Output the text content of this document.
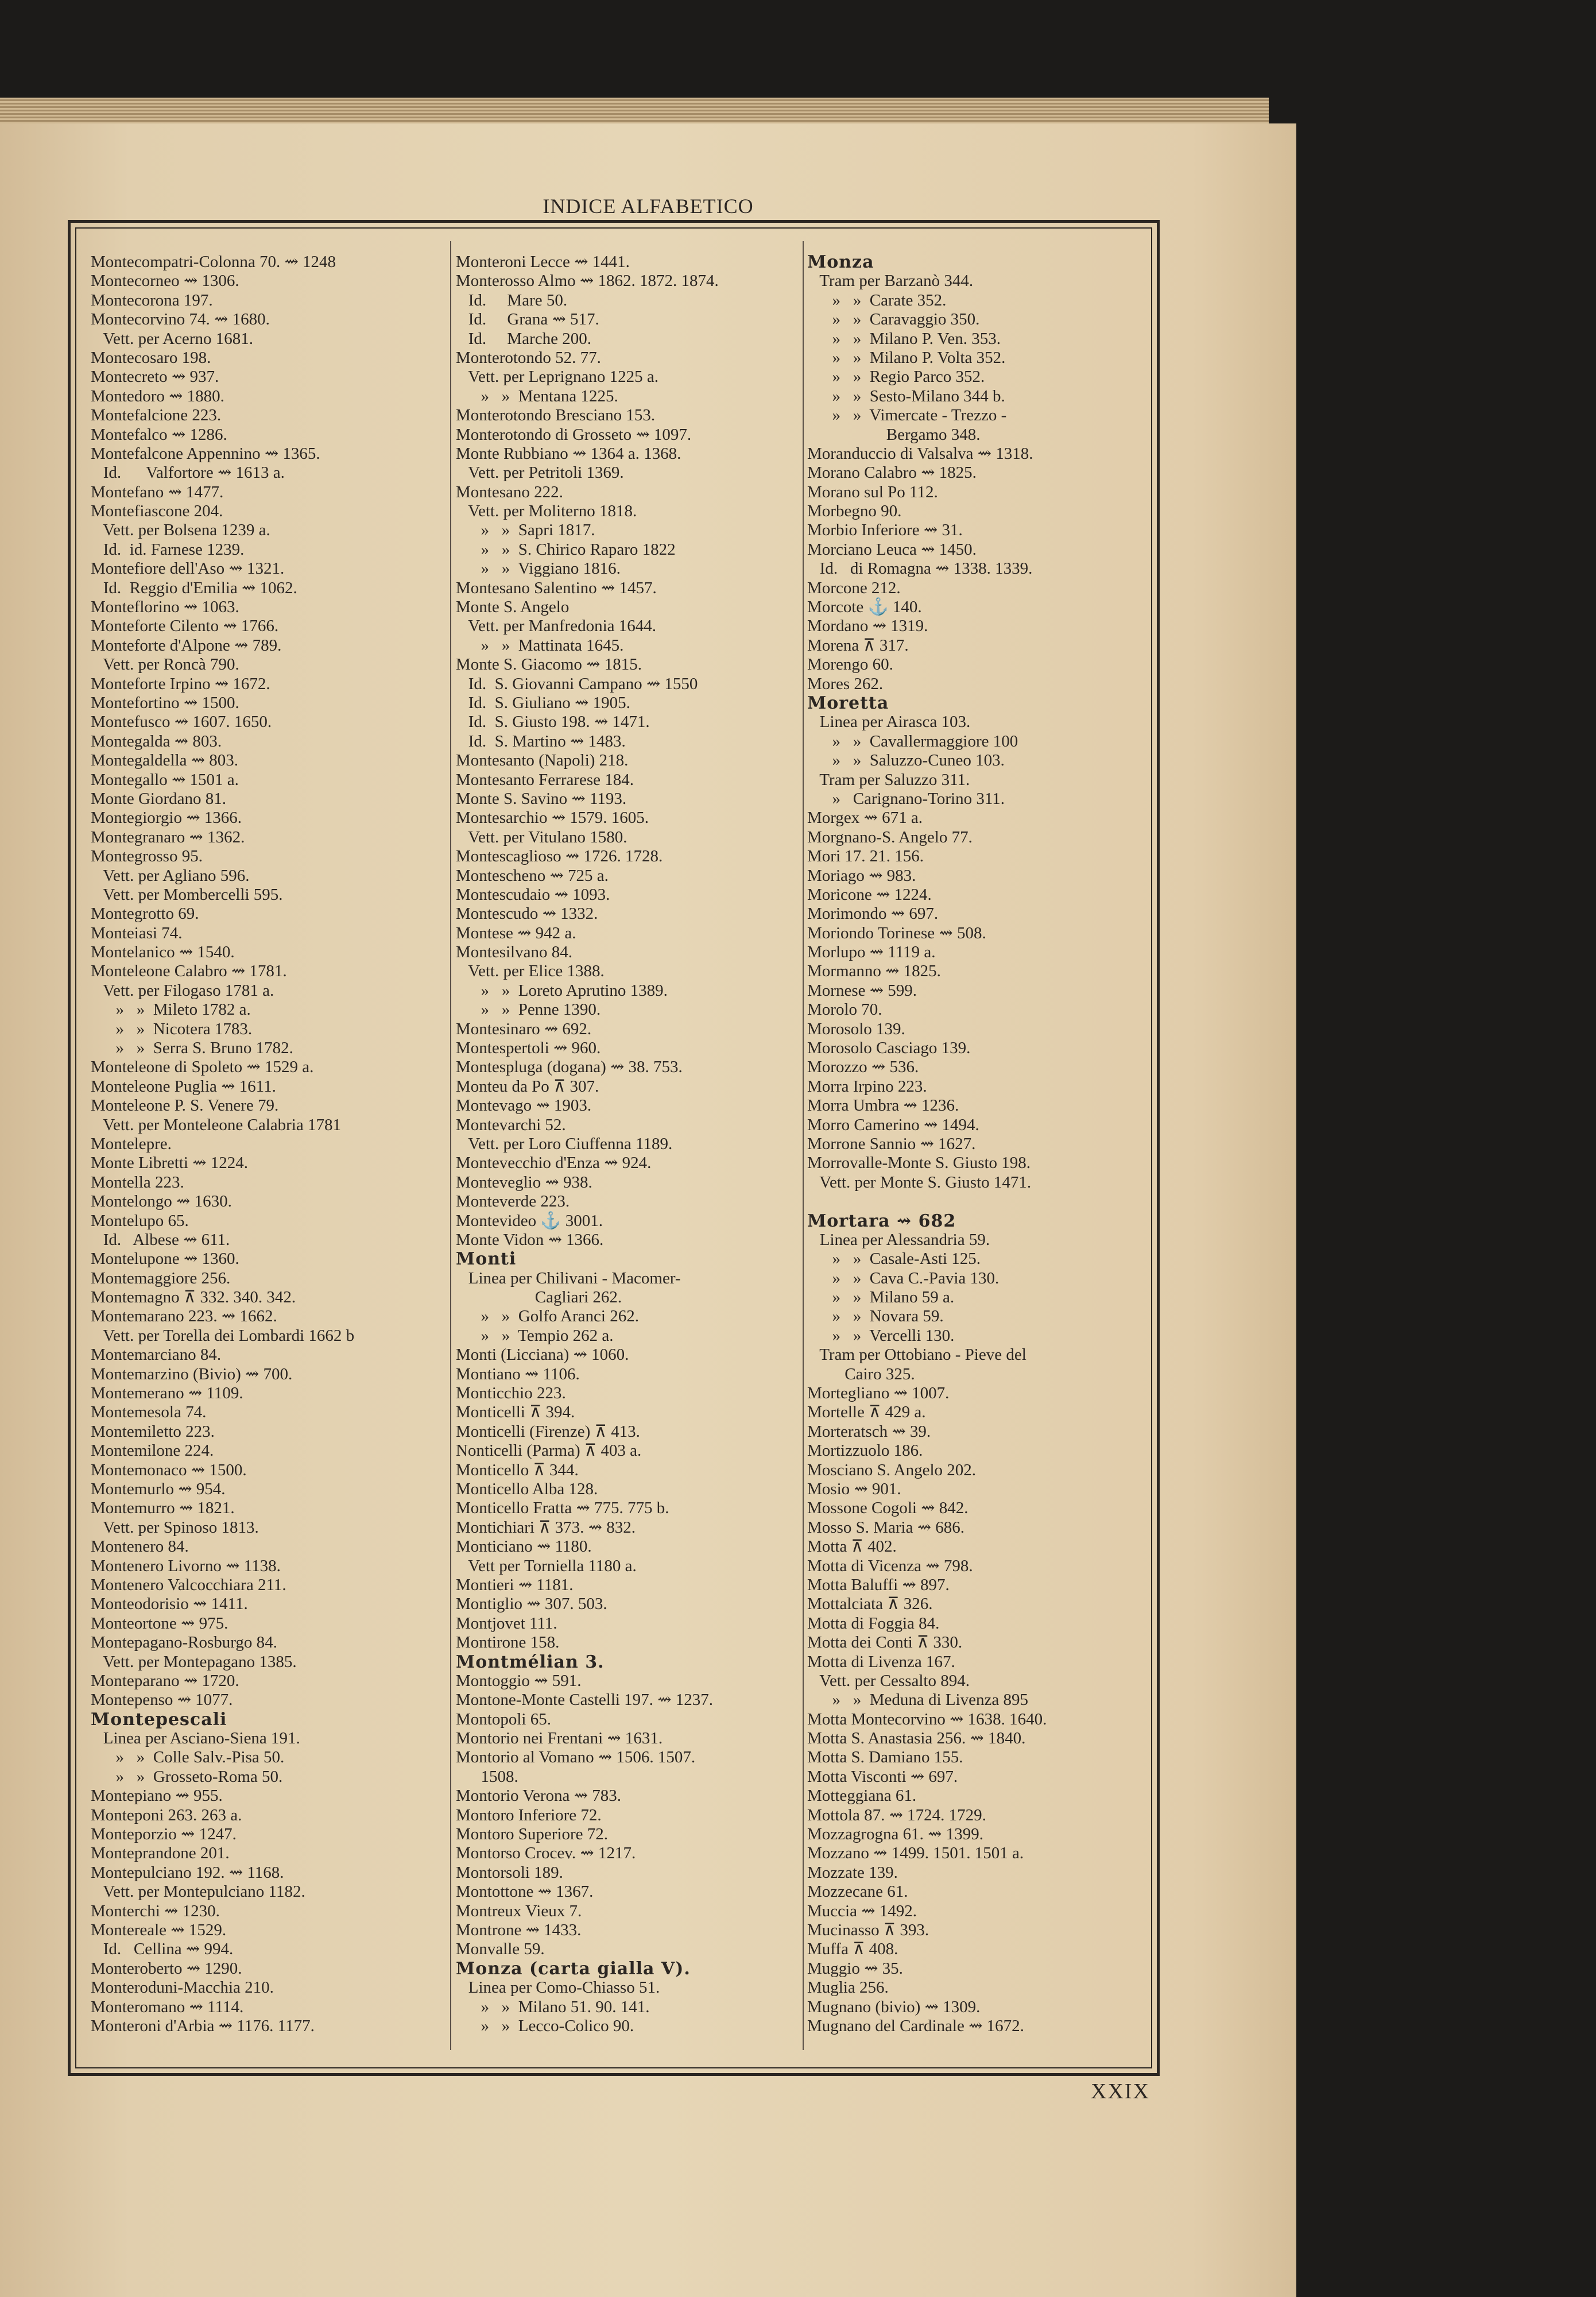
INDICE ALFABETICO
Montecompatri-Colonna 70. ⇝ 1248
Montecorneo ⇝ 1306.
Montecorona 197.
Montecorvino 74. ⇝ 1680.
Vett. per Acerno 1681.
Montecosaro 198.
Montecreto ⇝ 937.
Montedoro ⇝ 1880.
Montefalcione 223.
Montefalco ⇝ 1286.
Montefalcone Appennino ⇝ 1365.
Id.      Valfortore ⇝ 1613 a.
Montefano ⇝ 1477.
Montefiascone 204.
Vett. per Bolsena 1239 a.
Id.  id. Farnese 1239.
Montefiore dell'Aso ⇝ 1321.
Id.  Reggio d'Emilia ⇝ 1062.
Monteflorino ⇝ 1063.
Monteforte Cilento ⇝ 1766.
Monteforte d'Alpone ⇝ 789.
Vett. per Roncà 790.
Monteforte Irpino ⇝ 1672.
Montefortino ⇝ 1500.
Montefusco ⇝ 1607. 1650.
Montegalda ⇝ 803.
Montegaldella ⇝ 803.
Montegallo ⇝ 1501 a.
Monte Giordano 81.
Montegiorgio ⇝ 1366.
Montegranaro ⇝ 1362.
Montegrosso 95.
Vett. per Agliano 596.
Vett. per Mombercelli 595.
Montegrotto 69.
Monteiasi 74.
Montelanico ⇝ 1540.
Monteleone Calabro ⇝ 1781.
Vett. per Filogaso 1781 a.
»   »  Mileto 1782 a.
»   »  Nicotera 1783.
»   »  Serra S. Bruno 1782.
Monteleone di Spoleto ⇝ 1529 a.
Monteleone Puglia ⇝ 1611.
Monteleone P. S. Venere 79.
Vett. per Monteleone Calabria 1781
Montelepre.
Monte Libretti ⇝ 1224.
Montella 223.
Montelongo ⇝ 1630.
Montelupo 65.
Id.   Albese ⇝ 611.
Montelupone ⇝ 1360.
Montemaggiore 256.
Montemagno ⊼ 332. 340. 342.
Montemarano 223. ⇝ 1662.
Vett. per Torella dei Lombardi 1662 b
Montemarciano 84.
Montemarzino (Bivio) ⇝ 700.
Montemerano ⇝ 1109.
Montemesola 74.
Montemiletto 223.
Montemilone 224.
Montemonaco ⇝ 1500.
Montemurlo ⇝ 954.
Montemurro ⇝ 1821.
Vett. per Spinoso 1813.
Montenero 84.
Montenero Livorno ⇝ 1138.
Montenero Valcocchiara 211.
Monteodorisio ⇝ 1411.
Monteortone ⇝ 975.
Montepagano-Rosburgo 84.
Vett. per Montepagano 1385.
Monteparano ⇝ 1720.
Montepenso ⇝ 1077.
Montepescali
Linea per Asciano-Siena 191.
»   »  Colle Salv.-Pisa 50.
»   »  Grosseto-Roma 50.
Montepiano ⇝ 955.
Monteponi 263. 263 a.
Monteporzio ⇝ 1247.
Monteprandone 201.
Montepulciano 192. ⇝ 1168.
Vett. per Montepulciano 1182.
Monterchi ⇝ 1230.
Montereale ⇝ 1529.
Id.   Cellina ⇝ 994.
Monteroberto ⇝ 1290.
Monteroduni-Macchia 210.
Monteromano ⇝ 1114.
Monteroni d'Arbia ⇝ 1176. 1177.
Monteroni Lecce ⇝ 1441.
Monterosso Almo ⇝ 1862. 1872. 1874.
Id.     Mare 50.
Id.     Grana ⇝ 517.
Id.     Marche 200.
Monterotondo 52. 77.
Vett. per Leprignano 1225 a.
»   »  Mentana 1225.
Monterotondo Bresciano 153.
Monterotondo di Grosseto ⇝ 1097.
Monte Rubbiano ⇝ 1364 a. 1368.
Vett. per Petritoli 1369.
Montesano 222.
Vett. per Moliterno 1818.
»   »  Sapri 1817.
»   »  S. Chirico Raparo 1822
»   »  Viggiano 1816.
Montesano Salentino ⇝ 1457.
Monte S. Angelo
Vett. per Manfredonia 1644.
»   »  Mattinata 1645.
Monte S. Giacomo ⇝ 1815.
Id.  S. Giovanni Campano ⇝ 1550
Id.  S. Giuliano ⇝ 1905.
Id.  S. Giusto 198. ⇝ 1471.
Id.  S. Martino ⇝ 1483.
Montesanto (Napoli) 218.
Montesanto Ferrarese 184.
Monte S. Savino ⇝ 1193.
Montesarchio ⇝ 1579. 1605.
Vett. per Vitulano 1580.
Montescaglioso ⇝ 1726. 1728.
Montescheno ⇝ 725 a.
Montescudaio ⇝ 1093.
Montescudo ⇝ 1332.
Montese ⇝ 942 a.
Montesilvano 84.
Vett. per Elice 1388.
»   »  Loreto Aprutino 1389.
»   »  Penne 1390.
Montesinaro ⇝ 692.
Montespertoli ⇝ 960.
Montespluga (dogana) ⇝ 38. 753.
Monteu da Po ⊼ 307.
Montevago ⇝ 1903.
Montevarchi 52.
Vett. per Loro Ciuffenna 1189.
Montevecchio d'Enza ⇝ 924.
Monteveglio ⇝ 938.
Monteverde 223.
Montevideo ⚓ 3001.
Monte Vidon ⇝ 1366.
Monti
Linea per Chilivani - Macomer-
Cagliari 262.
»   »  Golfo Aranci 262.
»   »  Tempio 262 a.
Monti (Licciana) ⇝ 1060.
Montiano ⇝ 1106.
Monticchio 223.
Monticelli ⊼ 394.
Monticelli (Firenze) ⊼ 413.
Nonticelli (Parma) ⊼ 403 a.
Monticello ⊼ 344.
Monticello Alba 128.
Monticello Fratta ⇝ 775. 775 b.
Montichiari ⊼ 373. ⇝ 832.
Monticiano ⇝ 1180.
Vett per Torniella 1180 a.
Montieri ⇝ 1181.
Montiglio ⇝ 307. 503.
Montjovet 111.
Montirone 158.
Montmélian 3.
Montoggio ⇝ 591.
Montone-Monte Castelli 197. ⇝ 1237.
Montopoli 65.
Montorio nei Frentani ⇝ 1631.
Montorio al Vomano ⇝ 1506. 1507.
1508.
Montorio Verona ⇝ 783.
Montoro Inferiore 72.
Montoro Superiore 72.
Montorso Crocev. ⇝ 1217.
Montorsoli 189.
Montottone ⇝ 1367.
Montreux Vieux 7.
Montrone ⇝ 1433.
Monvalle 59.
Monza (carta gialla V).
Linea per Como-Chiasso 51.
»   »  Milano 51. 90. 141.
»   »  Lecco-Colico 90.
Monza
Tram per Barzanò 344.
»   »  Carate 352.
»   »  Caravaggio 350.
»   »  Milano P. Ven. 353.
»   »  Milano P. Volta 352.
»   »  Regio Parco 352.
»   »  Sesto-Milano 344 b.
»   »  Vimercate - Trezzo -
Bergamo 348.
Moranduccio di Valsalva ⇝ 1318.
Morano Calabro ⇝ 1825.
Morano sul Po 112.
Morbegno 90.
Morbio Inferiore ⇝ 31.
Morciano Leuca ⇝ 1450.
Id.   di Romagna ⇝ 1338. 1339.
Morcone 212.
Morcote ⚓ 140.
Mordano ⇝ 1319.
Morena ⊼ 317.
Morengo 60.
Mores 262.
Moretta
Linea per Airasca 103.
»   »  Cavallermaggiore 100
»   »  Saluzzo-Cuneo 103.
Tram per Saluzzo 311.
»   Carignano-Torino 311.
Morgex ⇝ 671 a.
Morgnano-S. Angelo 77.
Mori 17. 21. 156.
Moriago ⇝ 983.
Moricone ⇝ 1224.
Morimondo ⇝ 697.
Moriondo Torinese ⇝ 508.
Morlupo ⇝ 1119 a.
Mormanno ⇝ 1825.
Mornese ⇝ 599.
Morolo 70.
Morosolo 139.
Morosolo Casciago 139.
Morozzo ⇝ 536.
Morra Irpino 223.
Morra Umbra ⇝ 1236.
Morro Camerino ⇝ 1494.
Morrone Sannio ⇝ 1627.
Morrovalle-Monte S. Giusto 198.
Vett. per Monte S. Giusto 1471.
Mortara ⇝ 682
Linea per Alessandria 59.
»   »  Casale-Asti 125.
»   »  Cava C.-Pavia 130.
»   »  Milano 59 a.
»   »  Novara 59.
»   »  Vercelli 130.
Tram per Ottobiano - Pieve del
Cairo 325.
Mortegliano ⇝ 1007.
Mortelle ⊼ 429 a.
Morteratsch ⇝ 39.
Mortizzuolo 186.
Mosciano S. Angelo 202.
Mosio ⇝ 901.
Mossone Cogoli ⇝ 842.
Mosso S. Maria ⇝ 686.
Motta ⊼ 402.
Motta di Vicenza ⇝ 798.
Motta Baluffi ⇝ 897.
Mottalciata ⊼ 326.
Motta di Foggia 84.
Motta dei Conti ⊼ 330.
Motta di Livenza 167.
Vett. per Cessalto 894.
»   »  Meduna di Livenza 895
Motta Montecorvino ⇝ 1638. 1640.
Motta S. Anastasia 256. ⇝ 1840.
Motta S. Damiano 155.
Motta Visconti ⇝ 697.
Motteggiana 61.
Mottola 87. ⇝ 1724. 1729.
Mozzagrogna 61. ⇝ 1399.
Mozzano ⇝ 1499. 1501. 1501 a.
Mozzate 139.
Mozzecane 61.
Muccia ⇝ 1492.
Mucinasso ⊼ 393.
Muffa ⊼ 408.
Muggio ⇝ 35.
Muglia 256.
Mugnano (bivio) ⇝ 1309.
Mugnano del Cardinale ⇝ 1672.
XXIX
